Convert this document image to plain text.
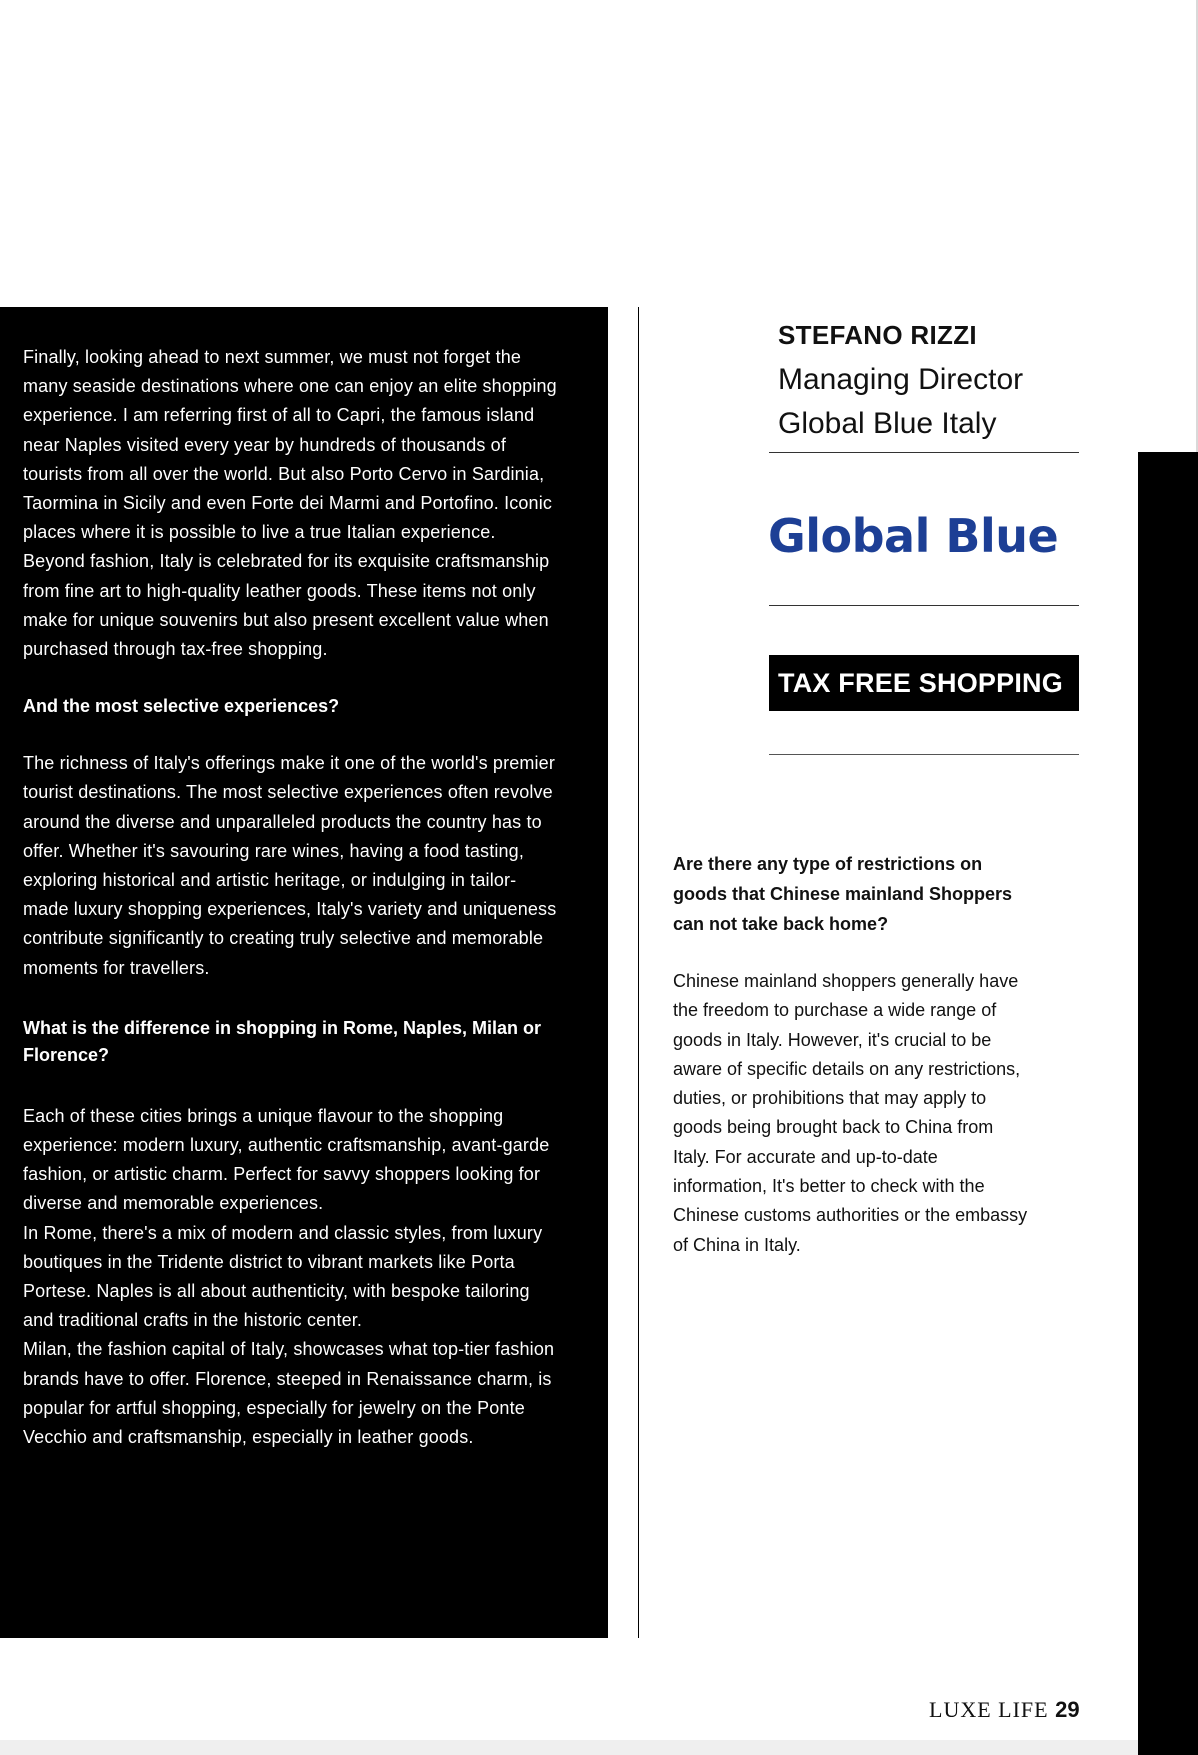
Finally, looking ahead to next summer, we must not forget the
many seaside destinations where one can enjoy an elite shopping
experience. I am referring first of all to Capri, the famous island
near Naples visited every year by hundreds of thousands of
tourists from all over the world. But also Porto Cervo in Sardinia,
Taormina in Sicily and even Forte dei Marmi and Portofino. Iconic
places where it is possible to live a true Italian experience.
Beyond fashion, Italy is celebrated for its exquisite craftsmanship
from fine art to high-quality leather goods. These items not only
make for unique souvenirs but also present excellent value when
purchased through tax-free shopping.

And the most selective experiences?

The richness of Italy's offerings make it one of the world's premier
tourist destinations. The most selective experiences often revolve
around the diverse and unparalleled products the country has to
offer. Whether it's savouring rare wines, having a food tasting,
exploring historical and artistic heritage, or indulging in tailor-
made luxury shopping experiences, Italy's variety and uniqueness
contribute significantly to creating truly selective and memorable
moments for travellers.

What is the difference in shopping in Rome, Naples, Milan or
Florence?

Each of these cities brings a unique flavour to the shopping
experience: modern luxury, authentic craftsmanship, avant-garde
fashion, or artistic charm. Perfect for savvy shoppers looking for
diverse and memorable experiences.
In Rome, there's a mix of modern and classic styles, from luxury
boutiques in the Tridente district to vibrant markets like Porta
Portese. Naples is all about authenticity, with bespoke tailoring
and traditional crafts in the historic center.
Milan, the fashion capital of Italy, showcases what top-tier fashion
brands have to offer. Florence, steeped in Renaissance charm, is
popular for artful shopping, especially for jewelry on the Ponte
Vecchio and craftsmanship, especially in leather goods.

STEFANO RIZZI
Managing Director
Global Blue Italy
Global Blue
TAX FREE SHOPPING

Are there any type of restrictions on
goods that Chinese mainland Shoppers
can not take back home?

Chinese mainland shoppers generally have
the freedom to purchase a wide range of
goods in Italy. However, it's crucial to be
aware of specific details on any restrictions,
duties, or prohibitions that may apply to
goods being brought back to China from
Italy. For accurate and up-to-date
information, It's better to check with the
Chinese customs authorities or the embassy
of China in Italy.

LUXE LIFE 29
